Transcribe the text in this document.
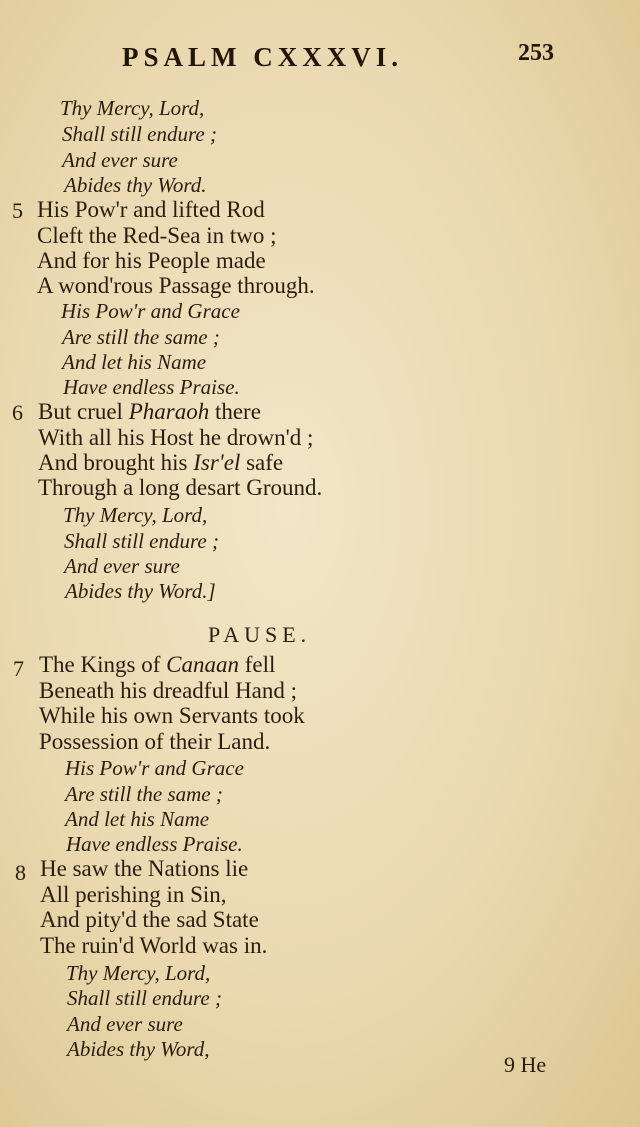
PSALM CXXXVI.	253
Thy Mercy, Lord,
Shall still endure ;
And ever sure
Abides thy Word.
5 His Pow'r and lifted Rod
Cleft the Red-Sea in two ;
And for his People made
A wond'rous Passage through.
His Pow'r and Grace
Are still the same ;
And let his Name
Have endless Praise.
6 But cruel Pharaoh there
With all his Host he drown'd ;
And brought his Isr'el safe
Through a long desart Ground.
Thy Mercy, Lord,
Shall still endure ;
And ever sure
Abides thy Word.]
PAUSE.
7 The Kings of Canaan fell
Beneath his dreadful Hand ;
While his own Servants took
Possession of their Land.
His Pow'r and Grace
Are still the same ;
And let his Name
Have endless Praise.
8 He saw the Nations lie
All perishing in Sin,
And pity'd the sad State
The ruin'd World was in.
Thy Mercy, Lord,
Shall still endure ;
And ever sure
Abides thy Word,
9 He
